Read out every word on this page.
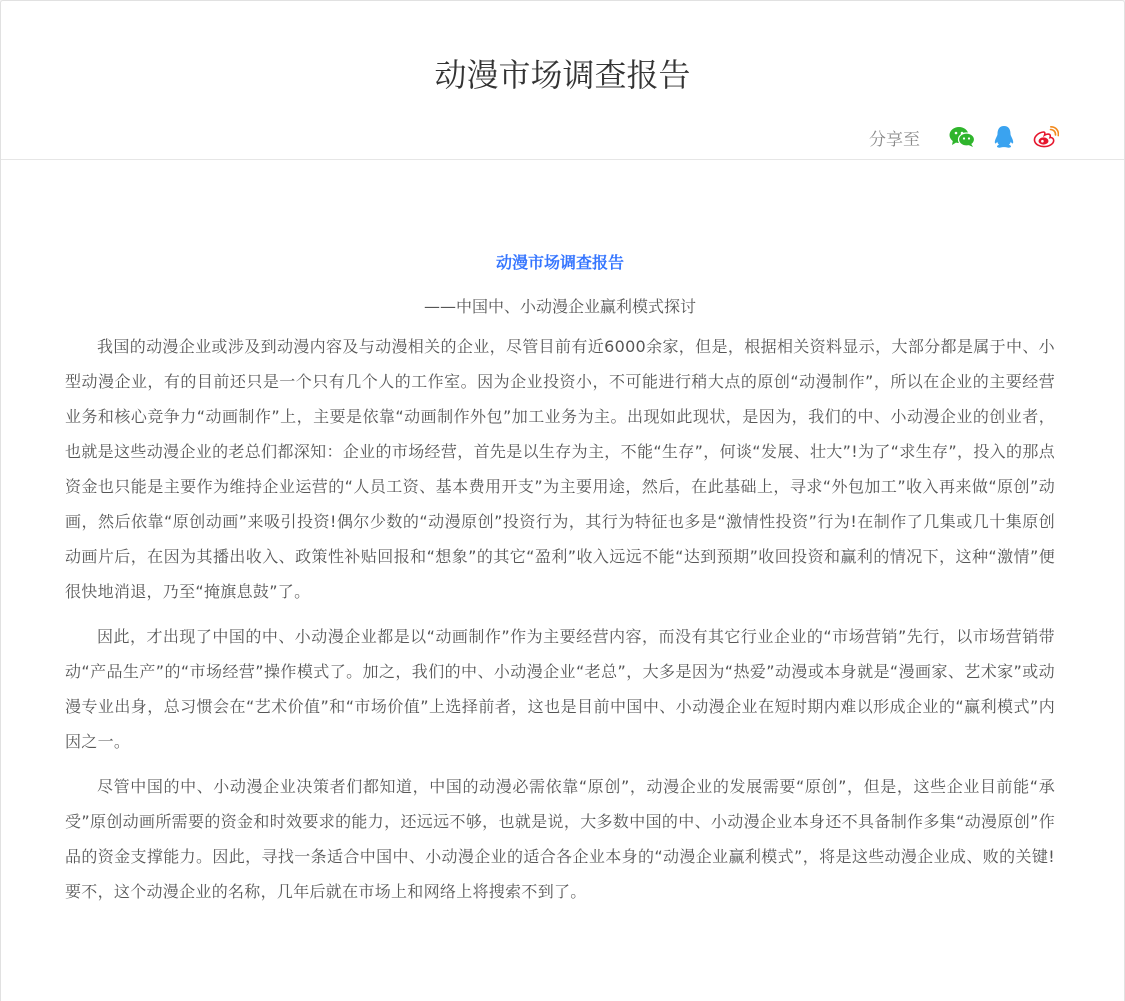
动漫市场调查报告
分享至

动漫市场调查报告

——中国中、小动漫企业赢利模式探讨

我国的动漫企业或涉及到动漫内容及与动漫相关的企业，尽管目前有近6000余家，但是，根据相关资料显示，大部分都是属于中、小型动漫企业，有的目前还只是一个只有几个人的工作室。因为企业投资小，不可能进行稍大点的原创“动漫制作”，所以在企业的主要经营业务和核心竞争力“动画制作”上，主要是依靠“动画制作外包”加工业务为主。出现如此现状，是因为，我们的中、小动漫企业的创业者，也就是这些动漫企业的老总们都深知：企业的市场经营，首先是以生存为主，不能“生存”，何谈“发展、壮大”!为了“求生存”，投入的那点资金也只能是主要作为维持企业运营的“人员工资、基本费用开支”为主要用途，然后，在此基础上，寻求“外包加工”收入再来做“原创”动画，然后依靠“原创动画”来吸引投资!偶尔少数的“动漫原创”投资行为，其行为特征也多是“激情性投资”行为!在制作了几集或几十集原创动画片后，在因为其播出收入、政策性补贴回报和“想象”的其它“盈利”收入远远不能“达到预期”收回投资和赢利的情况下，这种“激情”便很快地消退，乃至“掩旗息鼓”了。

因此，才出现了中国的中、小动漫企业都是以“动画制作”作为主要经营内容，而没有其它行业企业的“市场营销”先行，以市场营销带动“产品生产”的“市场经营”操作模式了。加之，我们的中、小动漫企业“老总”，大多是因为“热爱”动漫或本身就是“漫画家、艺术家”或动漫专业出身，总习惯会在“艺术价值”和“市场价值”上选择前者，这也是目前中国中、小动漫企业在短时期内难以形成企业的“赢利模式”内因之一。

尽管中国的中、小动漫企业决策者们都知道，中国的动漫必需依靠“原创”，动漫企业的发展需要“原创”，但是，这些企业目前能“承受”原创动画所需要的资金和时效要求的能力，还远远不够，也就是说，大多数中国的中、小动漫企业本身还不具备制作多集“动漫原创”作品的资金支撑能力。因此，寻找一条适合中国中、小动漫企业的适合各企业本身的“动漫企业赢利模式”，将是这些动漫企业成、败的关键!要不，这个动漫企业的名称，几年后就在市场上和网络上将搜索不到了。
